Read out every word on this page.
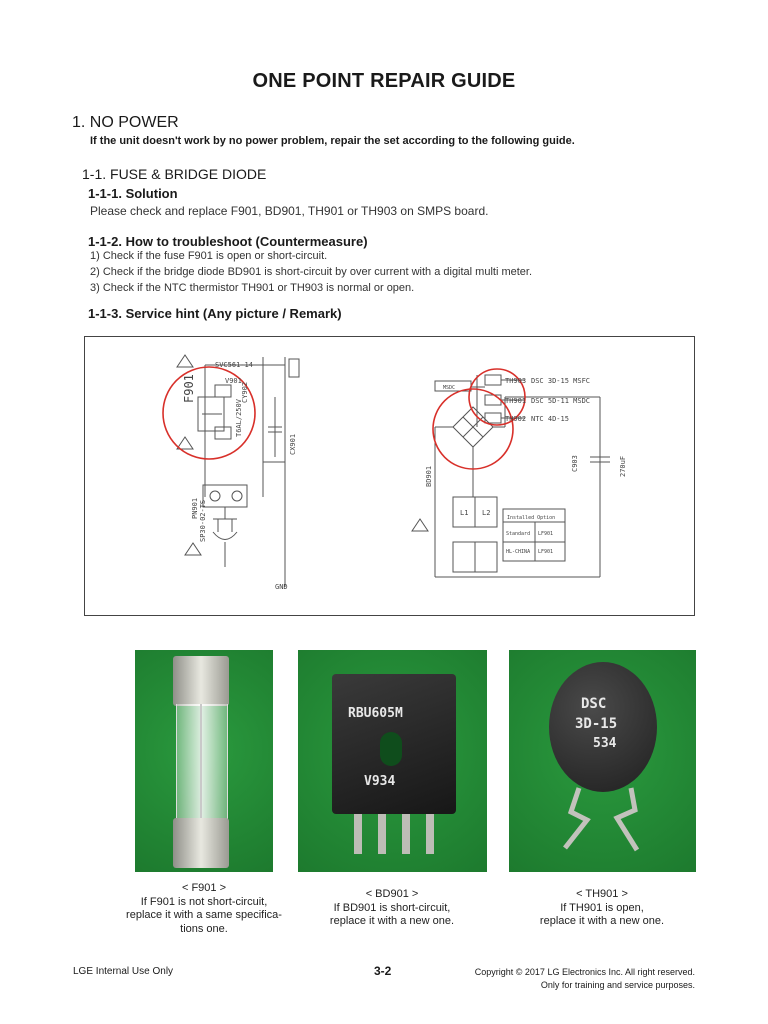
ONE POINT REPAIR GUIDE
1. NO POWER
If the unit doesn't work by no power problem, repair the set according to the following guide.
1-1. FUSE & BRIDGE DIODE
1-1-1. Solution
Please check and replace F901, BD901, TH901 or TH903 on SMPS board.
1-1-2. How to troubleshoot (Countermeasure)
1) Check if the fuse F901 is open or short-circuit.
2) Check if the bridge diode BD901 is short-circuit by over current with a digital multi meter.
3) Check if the NTC thermistor TH901 or TH903 is normal or open.
1-1-3. Service hint (Any picture / Remark)
SVC561-14
V901
F901
T6AL/250V
CY902
CX901
PN901 SP30-02-TS
GND
TH903 DSC 3D-15 MSFC
TH901 DSC 5D-11 MSDC
TH902 NTC 4D-15
MSDC
BD901
C903	270uF
L1 L2
Installed Option
Standard LF901
HL-CHINA LF901
RBU605M
V934
DSC
3D-15
534
< F901 >
If F901 is not short-circuit,
replace it with a same specifica-
tions one.
< BD901 >
If BD901 is short-circuit,
replace it with a new one.
< TH901 >
If TH901 is open,
replace it with a new one.
LGE Internal Use Only	3-2	Copyright © 2017 LG Electronics Inc. All right reserved.
Only for training and service purposes.
